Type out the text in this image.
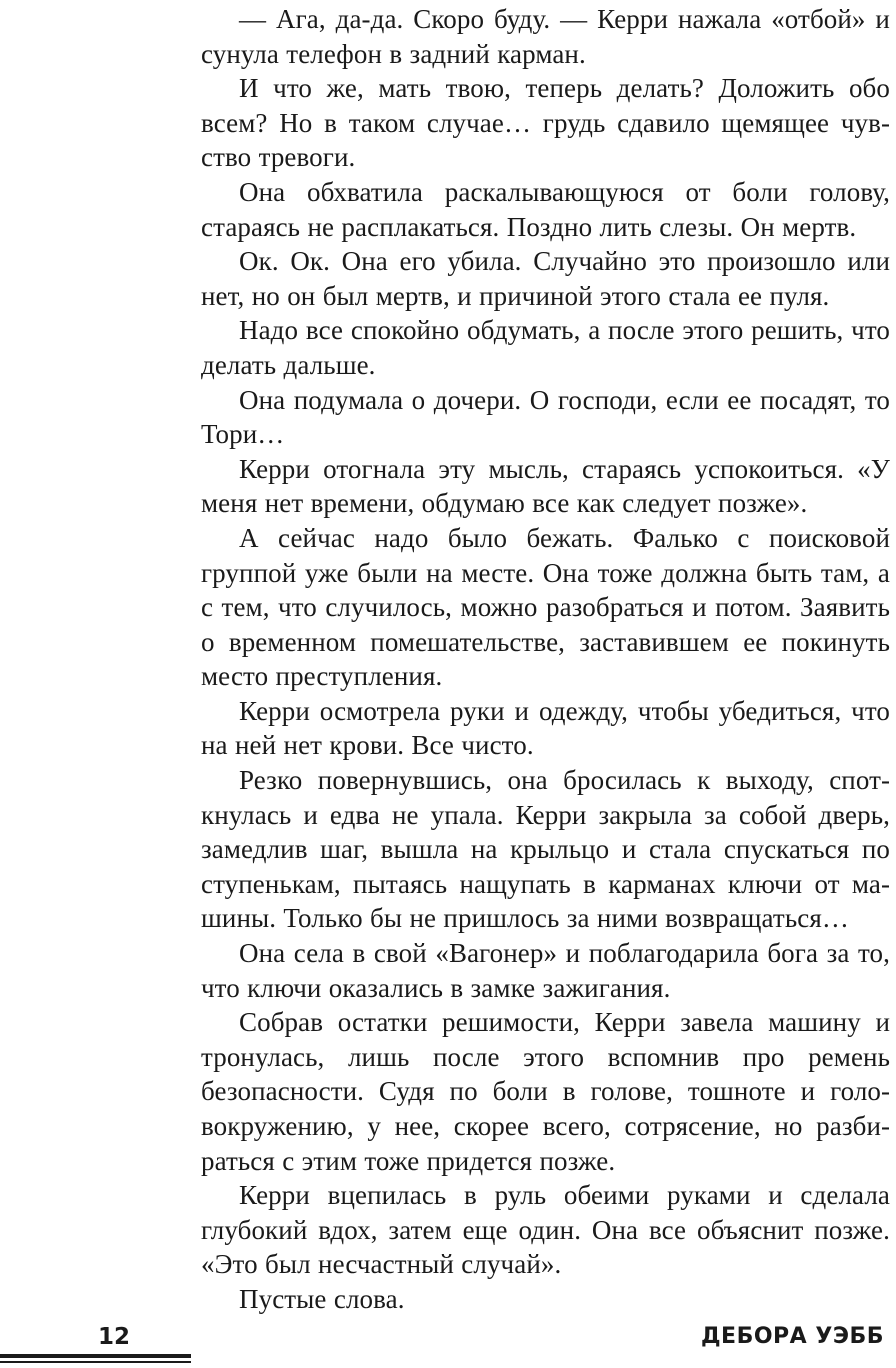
— Ага, да-да. Скоро буду. — Керри нажала «отбой» и сунула телефон в задний карман.

И что же, мать твою, теперь делать? Доложить обо всем? Но в таком случае… грудь сдавило щемящее чувство тревоги.

Она обхватила раскалывающуюся от боли голову, стараясь не расплакаться. Поздно лить слезы. Он мертв.

Ок. Ок. Она его убила. Случайно это произошло или нет, но он был мертв, и причиной этого стала ее пуля.

Надо все спокойно обдумать, а после этого решить, что делать дальше.

Она подумала о дочери. О господи, если ее посадят, то Тори…

Керри отогнала эту мысль, стараясь успокоиться. «У меня нет времени, обдумаю все как следует позже».

А сейчас надо было бежать. Фалько с поисковой группой уже были на месте. Она тоже должна быть там, а с тем, что случилось, можно разобраться и потом. Заявить о временном помешательстве, заставившем ее покинуть место преступления.

Керри осмотрела руки и одежду, чтобы убедиться, что на ней нет крови. Все чисто.

Резко повернувшись, она бросилась к выходу, споткнулась и едва не упала. Керри закрыла за собой дверь, замедлив шаг, вышла на крыльцо и стала спускаться по ступенькам, пытаясь нащупать в карманах ключи от машины. Только бы не пришлось за ними возвращаться…

Она села в свой «Вагонер» и поблагодарила бога за то, что ключи оказались в замке зажигания.

Собрав остатки решимости, Керри завела машину и тронулась, лишь после этого вспомнив про ремень безопасности. Судя по боли в голове, тошноте и головокружению, у нее, скорее всего, сотрясение, но разбираться с этим тоже придется позже.

Керри вцепилась в руль обеими руками и сделала глубокий вдох, затем еще один. Она все объяснит позже. «Это был несчастный случай».

Пустые слова.

12	ДЕБОРА УЭББ
